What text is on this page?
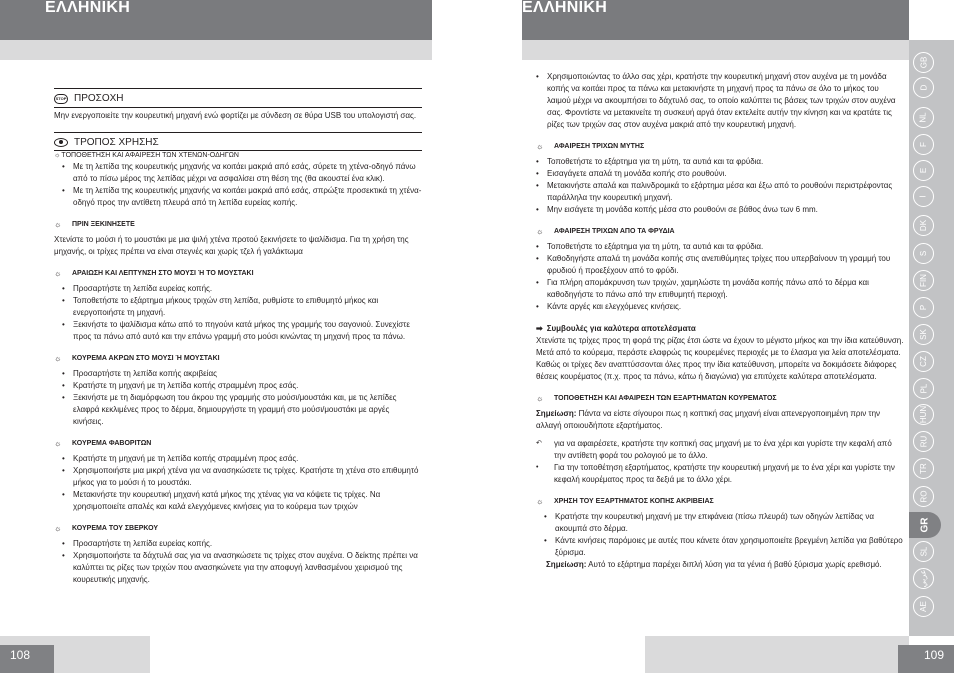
ΕΛΛΗΝΙΚΗ	ΕΛΛΗΝΙΚΗ
GB
D
NL
F
E
I
DK
S
FIN
P
SK
CZ
PL
HUN
RU
TR
RO
GR
SL
عربي
AE
108	109
STOP ΠΡΟΣΟΧΗ

Μην ενεργοποιείτε την κουρευτική μηχανή ενώ φορτίζει με σύνδεση σε θύρα USB του υπολογιστή σας.

ΤΡΟΠΟΣ ΧΡΗΣΗΣ
☼ΤΟΠΟΘΕΤΗΣΗ ΚΑΙ ΑΦΑΙΡΕΣΗ ΤΩΝ ΧΤΕΝΩΝ-ΟΔΗΓΩΝ
• Με τη λεπίδα της κουρευτικής μηχανής να κοιτάει μακριά από εσάς, σύρετε τη χτένα-οδηγό πάνω από το πίσω μέρος της λεπίδας μέχρι να ασφαλίσει στη θέση της (θα ακουστεί ένα κλικ).
• Με τη λεπίδα της κουρευτικής μηχανής να κοιτάει μακριά από εσάς, σπρώξτε προσεκτικά τη χτένα-οδηγό προς την αντίθετη πλευρά από τη λεπίδα ευρείας κοπής.
☼ ΠΡΙΝ ΞΕΚΙΝΗΣΕΤΕ

Χτενίστε το μούσι ή το μουστάκι με μια ψιλή χτένα προτού ξεκινήσετε το ψαλίδισμα. Για τη χρήση της μηχανής, οι τρίχες πρέπει να είναι στεγνές και χωρίς τζελ ή γαλάκτωμα

☼ ΑΡΑΙΩΣΗ ΚΑΙ ΛΕΠΤΥΝΣΗ ΣΤΟ ΜΟΥΣΙ Ή ΤΟ ΜΟΥΣΤΑΚΙ
• Προσαρτήστε τη λεπίδα ευρείας κοπής.
• Τοποθετήστε το εξάρτημα μήκους τριχών στη λεπίδα, ρυθμίστε το επιθυμητό μήκος και ενεργοποιήστε τη μηχανή.
• Ξεκινήστε το ψαλίδισμα κάτω από το πηγούνι κατά μήκος της γραμμής του σαγονιού. Συνεχίστε προς τα πάνω από αυτό και την επάνω γραμμή στο μούσι κινώντας τη μηχανή προς τα πάνω.
☼ ΚΟΥΡΕΜΑ ΑΚΡΩΝ ΣΤΟ ΜΟΥΣΙ Ή ΜΟΥΣΤΑΚΙ
• Προσαρτήστε τη λεπίδα κοπής ακριβείας
• Κρατήστε τη μηχανή με τη λεπίδα κοπής στραμμένη προς εσάς.
• Ξεκινήστε με τη διαμόρφωση του άκρου της γραμμής στο μούσι/μουστάκι και, με τις λεπίδες ελαφρά κεκλιμένες προς το δέρμα, δημιουργήστε τη γραμμή στο μούσι/μουστάκι με αργές κινήσεις.
☼ ΚΟΥΡΕΜΑ ΦΑΒΟΡΙΤΩΝ
• Κρατήστε τη μηχανή με τη λεπίδα κοπής στραμμένη προς εσάς.
• Χρησιμοποιήστε μια μικρή χτένα για να ανασηκώσετε τις τρίχες. Κρατήστε τη χτένα στο επιθυμητό μήκος για το μούσι ή το μουστάκι.
• Μετακινήστε την κουρευτική μηχανή κατά μήκος της χτένας για να κόψετε τις τρίχες. Να χρησιμοποιείτε απαλές και καλά ελεγχόμενες κινήσεις για το κούρεμα των τριχών
☼ ΚΟΥΡΕΜΑ ΤΟΥ ΣΒΕΡΚΟΥ
• Προσαρτήστε τη λεπίδα ευρείας κοπής.
• Χρησιμοποιήστε τα δάχτυλά σας για να ανασηκώσετε τις τρίχες στον αυχένα. Ο δείκτης πρέπει να καλύπτει τις ρίζες των τριχών που ανασηκώνετε για την αποφυγή λανθασμένου χειρισμού της κουρευτικής μηχανής.
• Χρησιμοποιώντας το άλλο σας χέρι, κρατήστε την κουρευτική μηχανή στον αυχένα με τη μονάδα κοπής να κοιτάει προς τα πάνω και μετακινήστε τη μηχανή προς τα πάνω σε όλο το μήκος του λαιμού μέχρι να ακουμπήσει το δάχτυλό σας, το οποίο καλύπτει τις βάσεις των τριχών στον αυχένα σας. Φροντίστε να μετακινείτε τη συσκευή αργά όταν εκτελείτε αυτήν την κίνηση και να κρατάτε τις ρίζες των τριχών σας στον αυχένα μακριά από την κουρευτική μηχανή.
☼ ΑΦΑΙΡΕΣΗ ΤΡΙΧΩΝ ΜΥΤΗΣ
• Τοποθετήστε το εξάρτημα για τη μύτη, τα αυτιά και τα φρύδια.
• Εισαγάγετε απαλά τη μονάδα κοπής στο ρουθούνι.
• Μετακινήστε απαλά και παλινδρομικά το εξάρτημα μέσα και έξω από το ρουθούνι περιστρέφοντας παράλληλα την κουρευτική μηχανή.
• Μην εισάγετε τη μονάδα κοπής μέσα στο ρουθούνι σε βάθος άνω των 6 mm.
☼ ΑΦΑΙΡΕΣΗ ΤΡΙΧΩΝ ΑΠΟ ΤΑ ΦΡΥΔΙΑ
• Τοποθετήστε το εξάρτημα για τη μύτη, τα αυτιά και τα φρύδια.
• Καθοδηγήστε απαλά τη μονάδα κοπής στις ανεπιθύμητες τρίχες που υπερβαίνουν τη γραμμή του φρυδιού ή προεξέχουν από το φρύδι.
• Για πλήρη απομάκρυνση των τριχών, χαμηλώστε τη μονάδα κοπής πάνω από το δέρμα και καθοδηγήστε το πάνω από την επιθυμητή περιοχή.
• Κάντε αργές και ελεγχόμενες κινήσεις.
➡ Συμβουλές για καλύτερα αποτελέσματα

Χτενίστε τις τρίχες προς τη φορά της ρίζας έτσι ώστε να έχουν το μέγιστο μήκος και την ίδια κατεύθυνση.

Μετά από το κούρεμα, περάστε ελαφρώς τις κουρεμένες περιοχές με το έλασμα για λεία αποτελέσματα.

Καθώς οι τρίχες δεν αναπτύσσονται όλες προς την ίδια κατεύθυνση, μπορείτε να δοκιμάσετε διάφορες θέσεις κουρέματος (π.χ. προς τα πάνω, κάτω ή διαγώνια) για επιτύχετε καλύτερα αποτελέσματα.

☼ ΤΟΠΟΘΕΤΗΣΗ ΚΑΙ ΑΦΑΙΡΕΣΗ ΤΩΝ ΕΞΑΡΤΗΜΑΤΩΝ ΚΟΥΡΕΜΑΤΟΣ

Σημείωση: Πάντα να είστε σίγουροι πως η κοπτική σας μηχανή είναι απενεργοποιημένη πριν την αλλαγή οποιουδήποτε εξαρτήματος.

↶ για να αφαιρέσετε, κρατήστε την κοπτική σας μηχανή με το ένα χέρι και γυρίστε την κεφαλή από την αντίθετη φορά του ρολογιού με το άλλο.
• Για την τοποθέτηση εξαρτήματος, κρατήστε την κουρευτική μηχανή με το ένα χέρι και γυρίστε την κεφαλή κουρέματος προς τα δεξιά με το άλλο χέρι.
☼ ΧΡΗΣΗ ΤΟΥ ΕΞΑΡΤΗΜΑΤΟΣ ΚΟΠΗΣ ΑΚΡΙΒΕΙΑΣ
• Κρατήστε την κουρευτική μηχανή με την επιφάνεια (πίσω πλευρά) των οδηγών λεπίδας να ακουμπά στο δέρμα.
• Κάντε κινήσεις παρόμοιες με αυτές που κάνετε όταν χρησιμοποιείτε βρεγμένη λεπίδα για βαθύτερο ξύρισμα.

Σημείωση: Αυτό το εξάρτημα παρέχει διπλή λύση για τα γένια ή βαθύ ξύρισμα χωρίς ερεθισμό.
